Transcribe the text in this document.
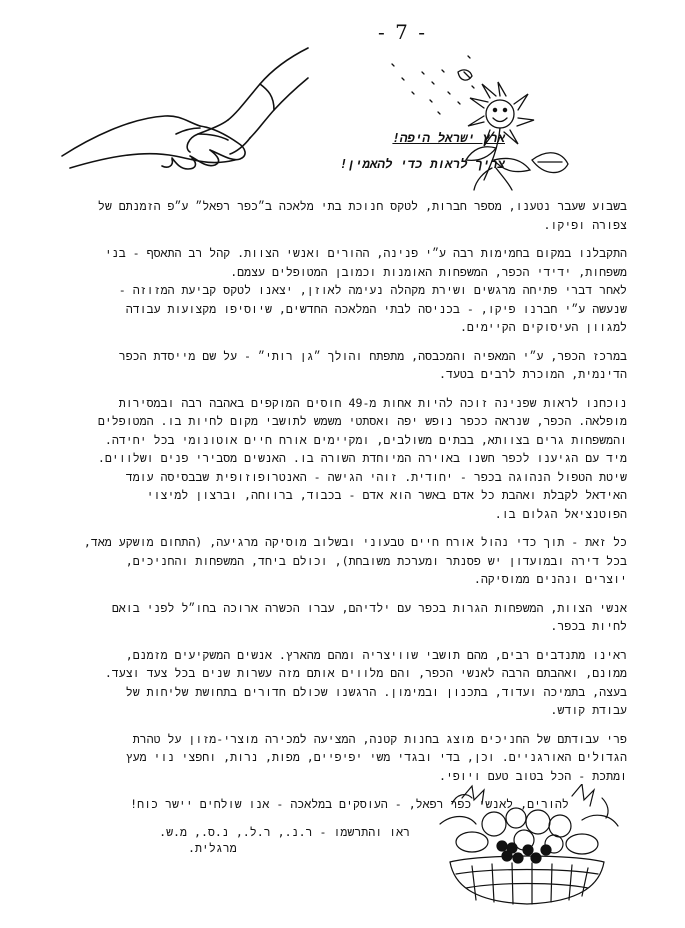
- 7 -
ארץ ישראל היפה!
צריך לראות כדי להאמין!
בשבוע שעבר נטענו, מספר חברות, לטקס חנוכת בתי מלאכה ב״כפר רפאל״ ע״פ הזמנתם של
צפורה ופיקו.
התקבלנו במקום בחמימות רבה ע״י פנינה, ההורים ואנשי הצוות. קהל רב התאסף - בני
משפחות, ידידי הכפר, המשפחות האומנות וכמובן המטופלים עצמם.
לאחר דברי פתיחה מרגשים ושירת מקהלה נעימה לאוזן, יצאנו לטקס קביעת המזוזה -
שנעשה ע״י חברנו פיקו, - בכניסה לבתי המלאכה החדשים, שיוסיפו מקצועות עבודה
למגוון העיסוקים הקיימים.
במרכז הכפר, ע״י המאפיה והמכבסה, מתפתח והולך ״גן רותי״ - על שם מייסדת הכפר
הדינמית, המוכרת לרבים בטעד.
נוכחנו לראות שפנינה זוכה להיות אחות מ-49 חוסים המוקפים באהבה רבה ובמסירות
מופלאה. הכפר, שנראה ככפר נופש יפה ואסתטי משמש לתושבי מקום לחיות בו. המטופלים
והמשפחות גרים בצוותא, בבתים משולבים, ומקיימים אורח חיים אוטונומי בכל יחידה.
מיד עם הגיענו לכפר חשנו באוירה המיוחדת השורה בו. האנשים מסבירי פנים ושלווים.
שיטת הטפול הנהוגה בכפר - יחודית. זוהי הגישה - האנטרופוזופית שבבסיסה עומד
האידאל לקבלת ואהבת כל אדם באשר הוא אדם - בכבוד, ברווחה, וברצון למיצוי
הפוטנציאל הגלום בו.
כל זאת - תוך כדי נהול אורח חיים טבעוני ובשלוב מוסיקה מרגיעה, (התחום מושקע מאד,
בכל דירה ובמועדון יש פסנתר ומערכת משובחת), וכולם ביחד, המשפחות והחניכים,
יוצרים ונהנים ממוסיקה.
אנשי הצוות, המשפחות הגרות בכפר עם ילדיהם, עברו הכשרה ארוכה בחו״ל לפני בואם
לחיות בכפר.
ראינו מתנדבים רבים, מהם תושבי שוויצריה ומהם מהארץ. אנשים המשקיעים מזמנם,
ממונם, ואהבתם הרבה לאנשי הכפר, והם מלווים אותם מזה עשרות שנים בכל צעד וצעד.
בעצה, בתמיכה ועדוד, בתכנון ובמימון. הרגשנו שכולם חדורים בתחושת שליחות של
עבודת קודש.
פרי עבודתם של החניכים מוצג בחנות קטנה, המציעה למכירה מוצרי-מזון על טהרת
הגדולים האורגניים. וכן, בדי ובגדי משי יפיפיים, מפות, נרות, וחפצי נוי מעץ
ומתכת - הכל בטוב טעם ויופי.
להורים, לאנשי כפר רפאל, - העוסקים במלאכה - אנו שולחים יישר כוח!
ראו והתרשמו - ר.נ., ר.ל., נ.ס., מ.ש.
מרגלית.
